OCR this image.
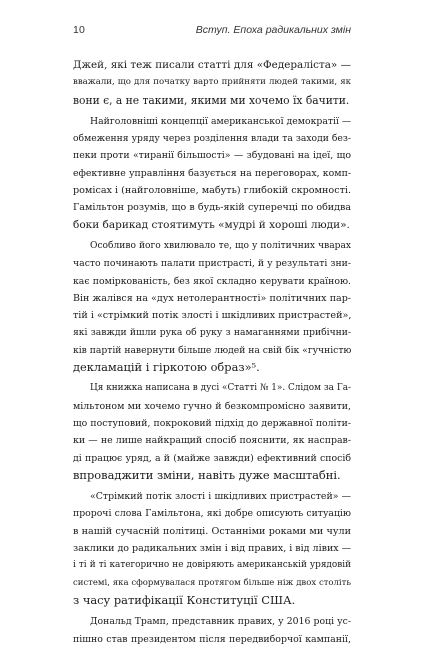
10	Вступ. Епоха радикальних змін
Джей, які теж писали статті для «Федераліста» —
вважали, що для початку варто прийняти людей такими, як
вони є, а не такими, якими ми хочемо їх бачити.
Найголовніші концепції американської демократії —
обмеження уряду через розділення влади та заходи без-
пеки проти «тиранії більшості» — збудовані на ідеї, що
ефективне управління базується на переговорах, комп-
ромісах і (найголовніше, мабуть) глибокій скромності.
Гамільтон розумів, що в будь-якій суперечці по обидва
боки барикад стоятимуть «мудрі й хороші люди».
Особливо його хвилювало те, що у політичних чварах
часто починають палати пристрасті, й у результаті зни-
кає поміркованість, без якої складно керувати країною.
Він жалівся на «дух нетолерантності» політичних пар-
тій і «стрімкий потік злості і шкідливих пристрастей»,
які завжди йшли рука об руку з намаганнями прибічни-
ків партій навернути більше людей на свій бік «гучністю
декламацій і гіркотою образ»⁵.
Ця книжка написана в дусі «Статті № 1». Слідом за Га-
мільтоном ми хочемо гучно й безкомпромісно заявити,
що поступовий, покроковий підхід до державної політи-
ки — не лише найкращий спосіб пояснити, як насправ-
ді працює уряд, а й (майже завжди) ефективний спосіб
впроваджити зміни, навіть дуже масштабні.
«Стрімкий потік злості і шкідливих пристрастей» —
пророчі слова Гамільтона, які добре описують ситуацію
в нашій сучасній політиці. Останніми роками ми чули
заклики до радикальних змін і від правих, і від лівих —
і ті й ті категорично не довіряють американській урядовій
системі, яка сформувалася протягом більше ніж двох століть
з часу ратифікації Конституції США.
Дональд Трамп, представник правих, у 2016 році ус-
пішно став президентом після передвиборчої кампанії,
